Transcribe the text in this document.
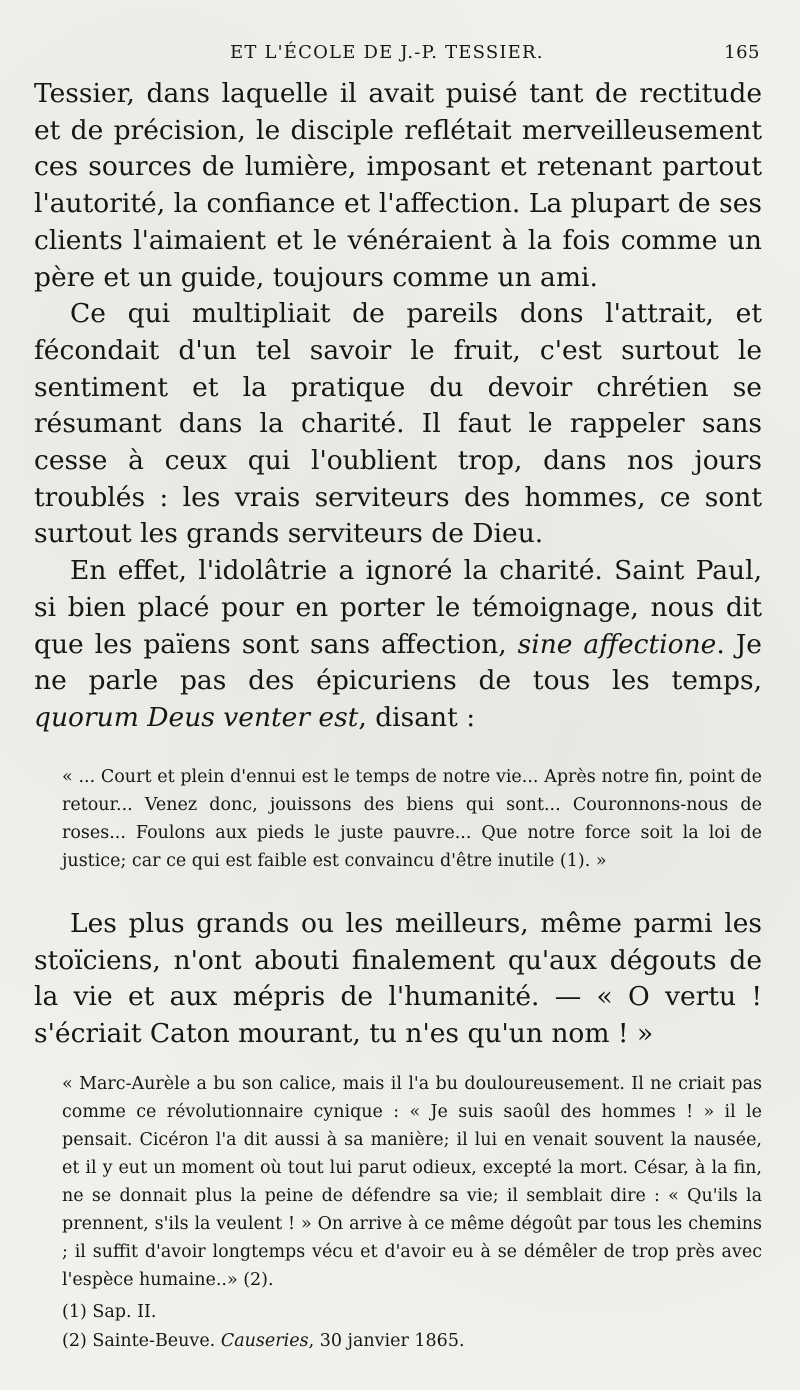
ET L'ÉCOLE DE J.-P. TESSIER.	165

Tessier, dans laquelle il avait puisé tant de rectitude et de précision, le disciple reflétait merveilleusement ces sources de lumière, imposant et retenant partout l'autorité, la confiance et l'affection. La plupart de ses clients l'aimaient et le vénéraient à la fois comme un père et un guide, toujours comme un ami.

Ce qui multipliait de pareils dons l'attrait, et fécondait d'un tel savoir le fruit, c'est surtout le sentiment et la pratique du devoir chrétien se résumant dans la charité. Il faut le rappeler sans cesse à ceux qui l'oublient trop, dans nos jours troublés : les vrais serviteurs des hommes, ce sont surtout les grands serviteurs de Dieu.

En effet, l'idolâtrie a ignoré la charité. Saint Paul, si bien placé pour en porter le témoignage, nous dit que les païens sont sans affection, sine affectione. Je ne parle pas des épicuriens de tous les temps, quorum Deus venter est, disant :

« ... Court et plein d'ennui est le temps de notre vie... Après notre fin, point de retour... Venez donc, jouissons des biens qui sont... Couronnons-nous de roses... Foulons aux pieds le juste pauvre... Que notre force soit la loi de justice; car ce qui est faible est convaincu d'être inutile (1). »

Les plus grands ou les meilleurs, même parmi les stoïciens, n'ont abouti finalement qu'aux dégouts de la vie et aux mépris de l'humanité. — « O vertu ! s'écriait Caton mourant, tu n'es qu'un nom ! »

« Marc-Aurèle a bu son calice, mais il l'a bu douloureusement. Il ne criait pas comme ce révolutionnaire cynique : « Je suis saoûl des hommes ! » il le pensait. Cicéron l'a dit aussi à sa manière; il lui en venait souvent la nausée, et il y eut un moment où tout lui parut odieux, excepté la mort. César, à la fin, ne se donnait plus la peine de défendre sa vie; il semblait dire : « Qu'ils la prennent, s'ils la veulent ! » On arrive à ce même dégoût par tous les chemins ; il suffit d'avoir longtemps vécu et d'avoir eu à se démêler de trop près avec l'espèce humaine..» (2).
(1) Sap. II.
(2) Sainte-Beuve. Causeries, 30 janvier 1865.
